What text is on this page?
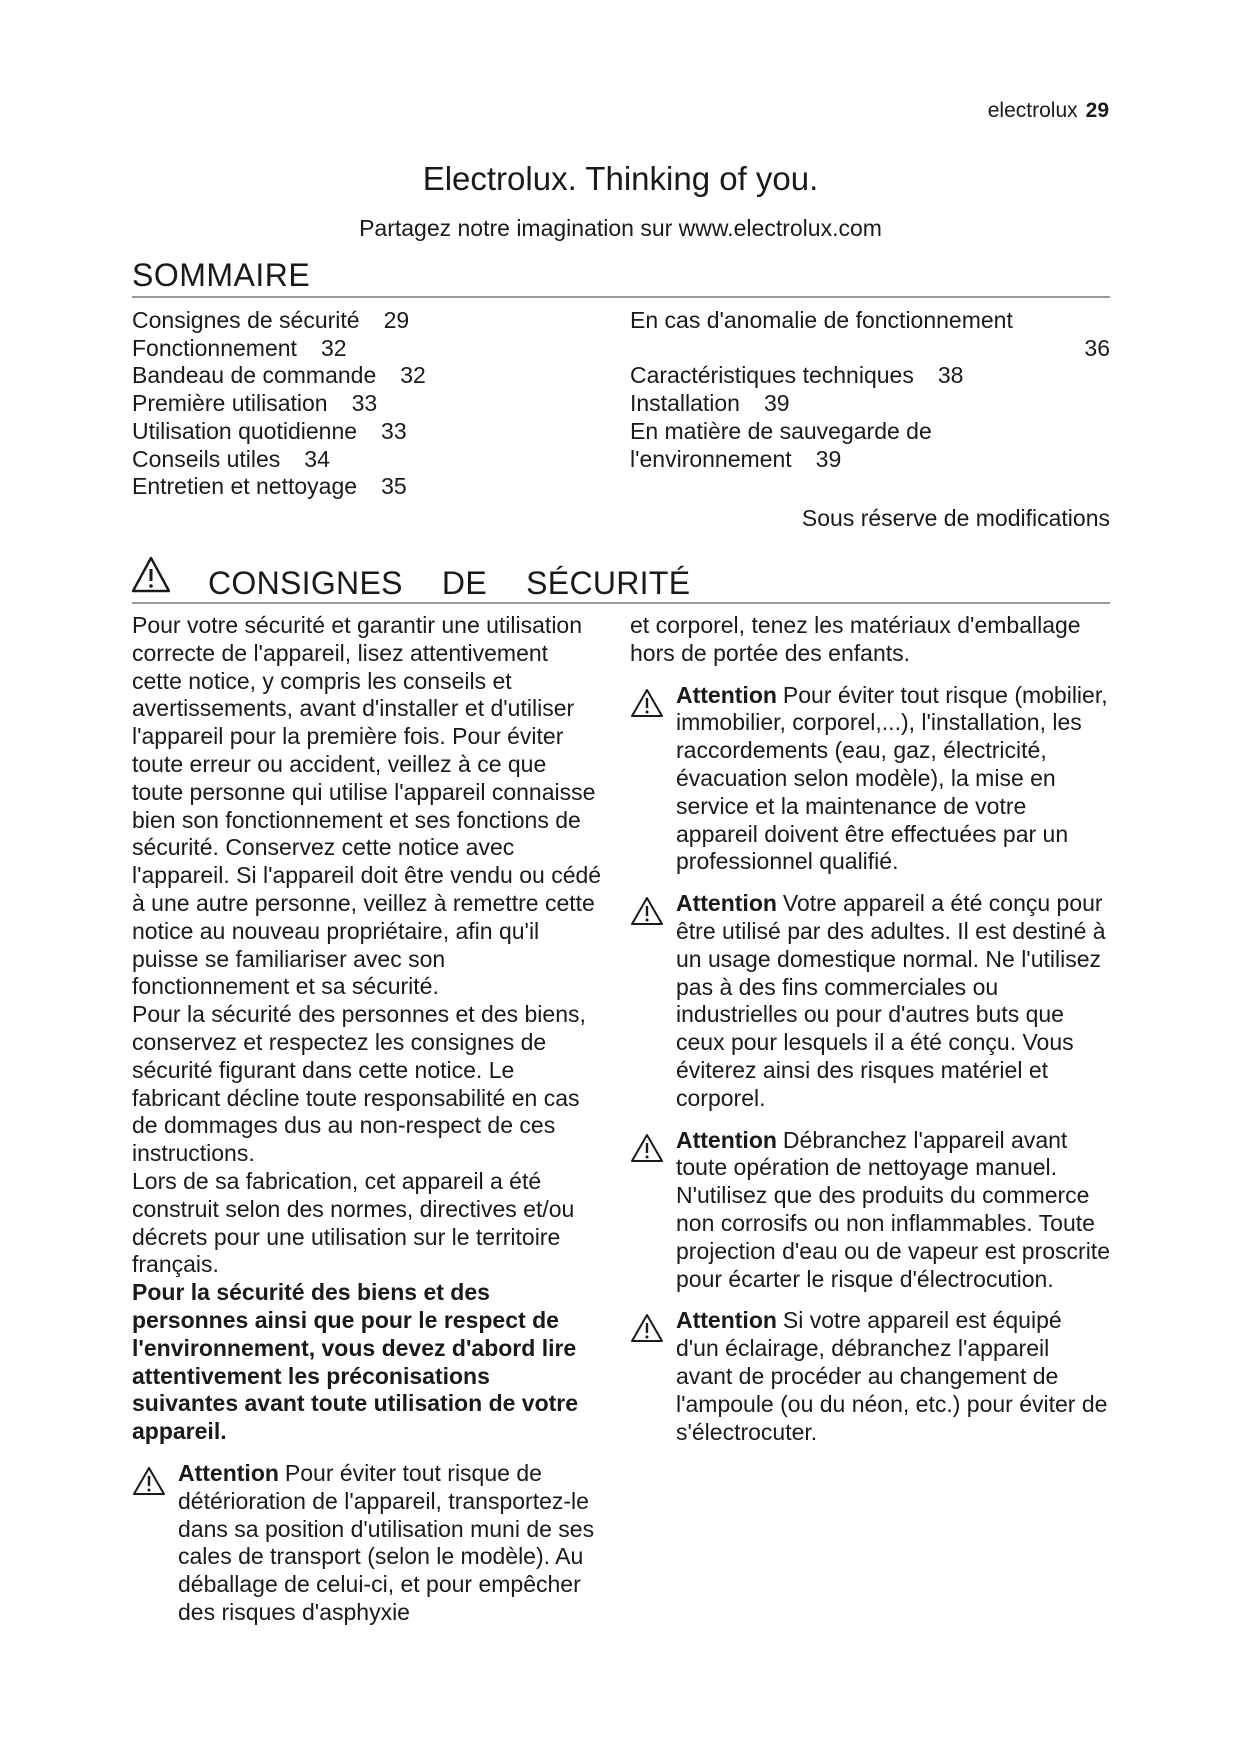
electrolux 29
Electrolux. Thinking of you.
Partagez notre imagination sur www.electrolux.com
SOMMAIRE
Consignes de sécurité 29
Fonctionnement 32
Bandeau de commande 32
Première utilisation 33
Utilisation quotidienne 33
Conseils utiles 34
Entretien et nettoyage 35
En cas d'anomalie de fonctionnement
36
Caractéristiques techniques 38
Installation 39
En matière de sauvegarde de
l'environnement 39
Sous réserve de modifications
CONSIGNES DE SÉCURITÉ

Pour votre sécurité et garantir une utilisation correcte de l'appareil, lisez attentivement cette notice, y compris les conseils et avertissements, avant d'installer et d'utiliser l'appareil pour la première fois. Pour éviter toute erreur ou accident, veillez à ce que toute personne qui utilise l'appareil connaisse bien son fonctionnement et ses fonctions de sécurité. Conservez cette notice avec l'appareil. Si l'appareil doit être vendu ou cédé à une autre personne, veillez à remettre cette notice au nouveau propriétaire, afin qu'il puisse se familiariser avec son fonctionnement et sa sécurité.

Pour la sécurité des personnes et des biens, conservez et respectez les consignes de sécurité figurant dans cette notice. Le fabricant décline toute responsabilité en cas de dommages dus au non-respect de ces instructions.

Lors de sa fabrication, cet appareil a été construit selon des normes, directives et/ou décrets pour une utilisation sur le territoire français.

Pour la sécurité des biens et des personnes ainsi que pour le respect de l'environnement, vous devez d'abord lire attentivement les préconisations suivantes avant toute utilisation de votre appareil.

Attention Pour éviter tout risque de détérioration de l'appareil, transportez-le dans sa position d'utilisation muni de ses cales de transport (selon le modèle). Au déballage de celui-ci, et pour empêcher des risques d'asphyxie

et corporel, tenez les matériaux d'emballage hors de portée des enfants.

Attention Pour éviter tout risque (mobilier, immobilier, corporel,...), l'installation, les raccordements (eau, gaz, électricité, évacuation selon modèle), la mise en service et la maintenance de votre appareil doivent être effectuées par un professionnel qualifié.
Attention Votre appareil a été conçu pour être utilisé par des adultes. Il est destiné à un usage domestique normal. Ne l'utilisez pas à des fins commerciales ou industrielles ou pour d'autres buts que ceux pour lesquels il a été conçu. Vous éviterez ainsi des risques matériel et corporel.
Attention Débranchez l'appareil avant toute opération de nettoyage manuel. N'utilisez que des produits du commerce non corrosifs ou non inflammables. Toute projection d'eau ou de vapeur est proscrite pour écarter le risque d'électrocution.
Attention Si votre appareil est équipé d'un éclairage, débranchez l'appareil avant de procéder au changement de l'ampoule (ou du néon, etc.) pour éviter de s'électrocuter.
